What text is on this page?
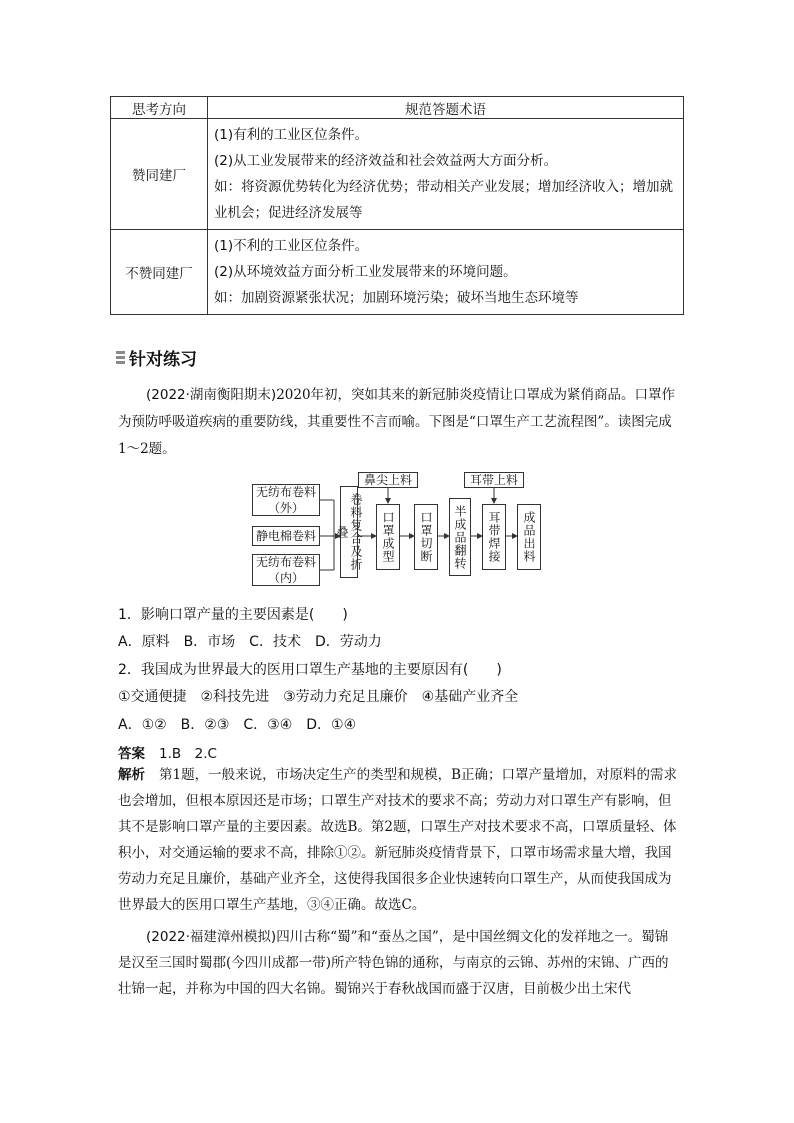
思考方向	规范答题术语
赞同建厂	(1)有利的工业区位条件。

(2)从工业发展带来的经济效益和社会效益两大方面分析。

如：将资源优势转化为经济优势；带动相关产业发展；增加经济收入；增加就业机会；促进经济发展等

不赞同建厂	(1)不利的工业区位条件。

(2)从环境效益方面分析工业发展带来的环境问题。

如：加剧资源紧张状况；加剧环境污染；破坏当地生态环境等

针对练习

(2022·湖南衡阳期末)2020年初，突如其来的新冠肺炎疫情让口罩成为紧俏商品。口罩作为预防呼吸道疾病的重要防线，其重要性不言而喻。下图是“口罩生产工艺流程图”。读图完成1～2题。

无纺布卷料（外）
静电棉卷料
无纺布卷料（内）
卷料复合及折叠
鼻尖上料
口罩成型	口罩切断	半成品翻转
耳带上料
耳带焊接	成品出料

1．影响口罩产量的主要因素是(　　)

A．原料　B．市场　C．技术　D．劳动力

2．我国成为世界最大的医用口罩生产基地的主要原因有(　　)

①交通便捷　②科技先进　③劳动力充足且廉价　④基础产业齐全

A．①②　B．②③　C．③④　D．①④

答案 1.B　2.C

解析 第1题，一般来说，市场决定生产的类型和规模，B正确；口罩产量增加，对原料的需求也会增加，但根本原因还是市场；口罩生产对技术的要求不高；劳动力对口罩生产有影响，但其不是影响口罩产量的主要因素。故选B。第2题，口罩生产对技术要求不高，口罩质量轻、体积小，对交通运输的要求不高，排除①②。新冠肺炎疫情背景下，口罩市场需求量大增，我国劳动力充足且廉价，基础产业齐全，这使得我国很多企业快速转向口罩生产，从而使我国成为世界最大的医用口罩生产基地，③④正确。故选C。

(2022·福建漳州模拟)四川古称“蜀”和“蚕丛之国”，是中国丝绸文化的发祥地之一。蜀锦是汉至三国时蜀郡(今四川成都一带)所产特色锦的通称，与南京的云锦、苏州的宋锦、广西的壮锦一起，并称为中国的四大名锦。蜀锦兴于春秋战国而盛于汉唐，目前极少出土宋代
